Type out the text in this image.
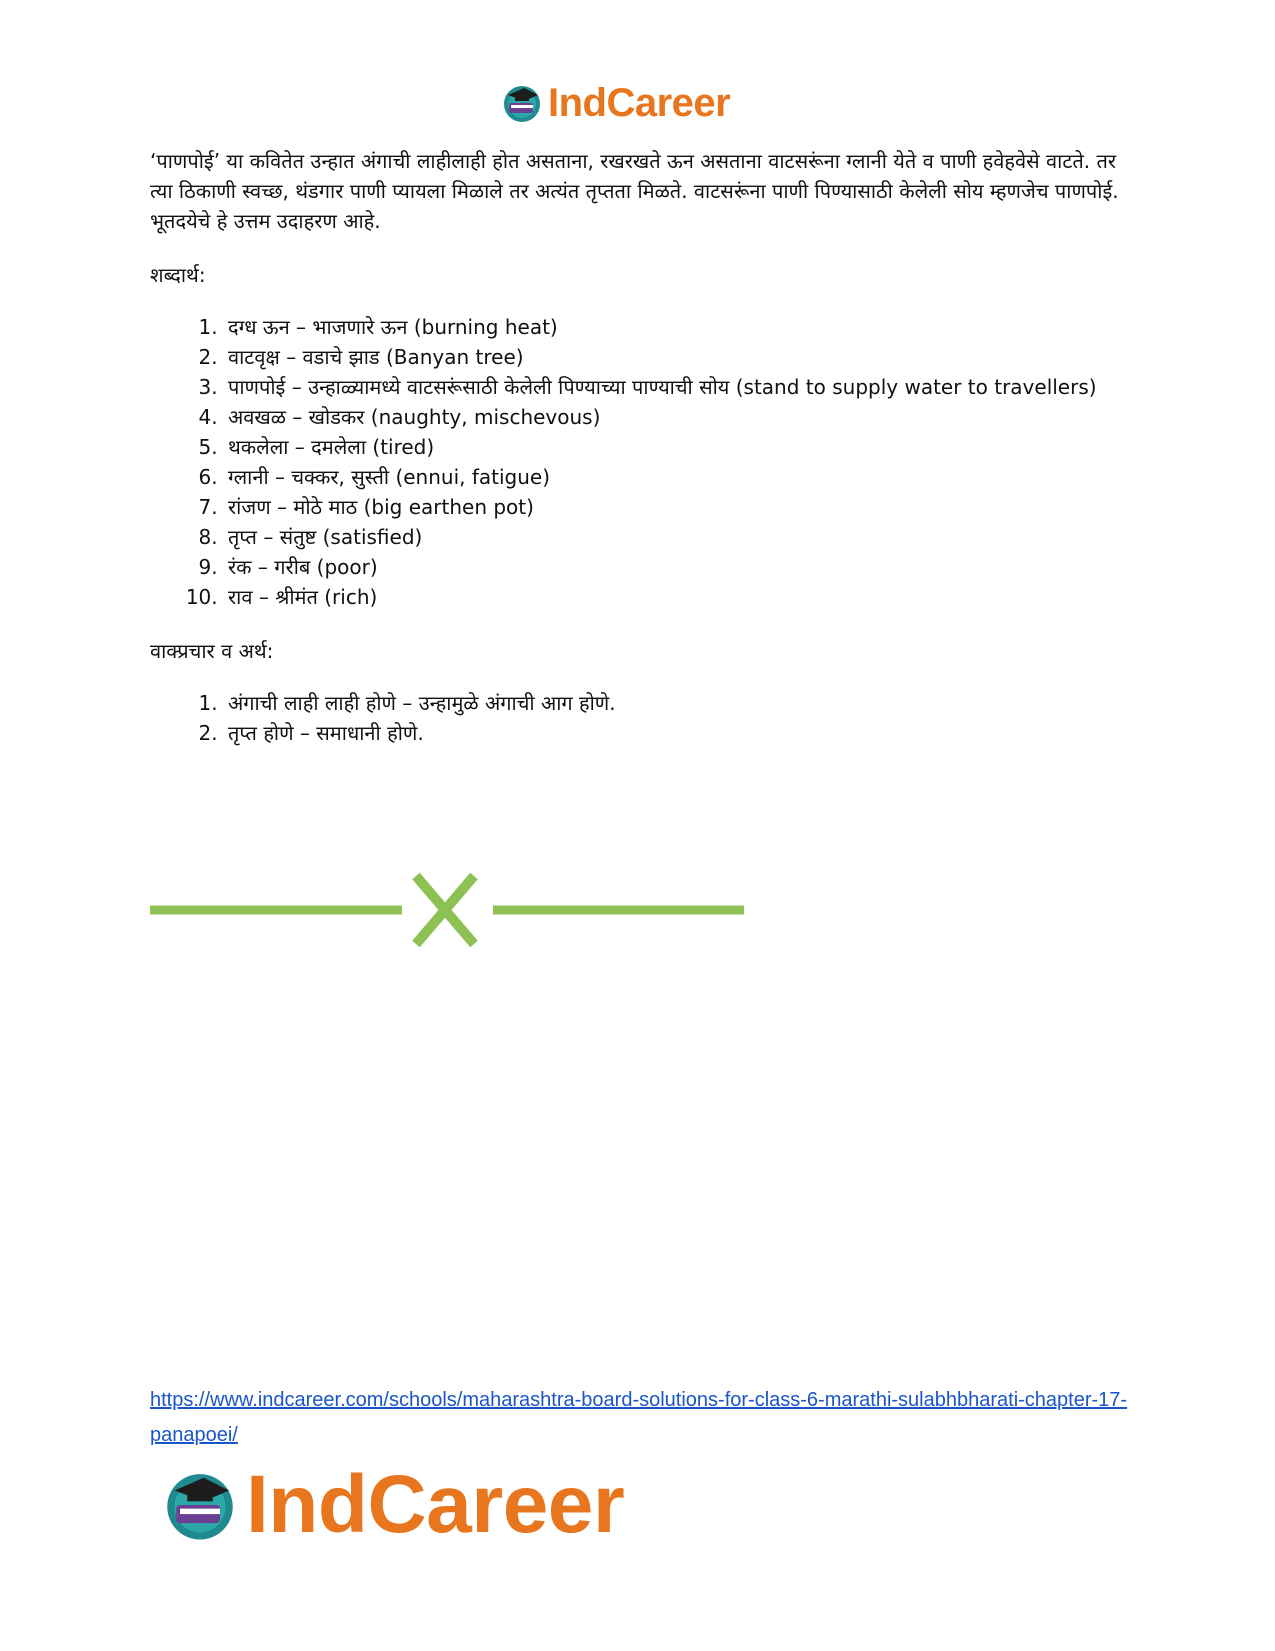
IndCareer

‘पाणपोई’ या कवितेत उन्हात अंगाची लाहीलाही होत असताना, रखरखते ऊन असताना वाटसरूंना ग्लानी येते व पाणी हवेहवेसे वाटते. तर त्या ठिकाणी स्वच्छ, थंडगार पाणी प्यायला मिळाले तर अत्यंत तृप्तता मिळते. वाटसरूंना पाणी पिण्यासाठी केलेली सोय म्हणजेच पाणपोई. भूतदयेचे हे उत्तम उदाहरण आहे.

शब्दार्थ:
1. दग्ध ऊन – भाजणारे ऊन (burning heat)
2. वाटवृक्ष – वडाचे झाड (Banyan tree)
3. पाणपोई – उन्हाळ्यामध्ये वाटसरूंसाठी केलेली पिण्याच्या पाण्याची सोय (stand to supply water to travellers)
4. अवखळ – खोडकर (naughty, mischevous)
5. थकलेला – दमलेला (tired)
6. ग्लानी – चक्कर, सुस्ती (ennui, fatigue)
7. रांजण – मोठे माठ (big earthen pot)
8. तृप्त – संतुष्ट (satisfied)
9. रंक – गरीब (poor)
10. राव – श्रीमंत (rich)
वाक्प्रचार व अर्थ:
1. अंगाची लाही लाही होणे – उन्हामुळे अंगाची आग होणे.
2. तृप्त होणे – समाधानी होणे.
https://www.indcareer.com/schools/maharashtra-board-solutions-for-class-6-marathi-sulabhbharati-chapter-17-panapoei/
IndCareer
